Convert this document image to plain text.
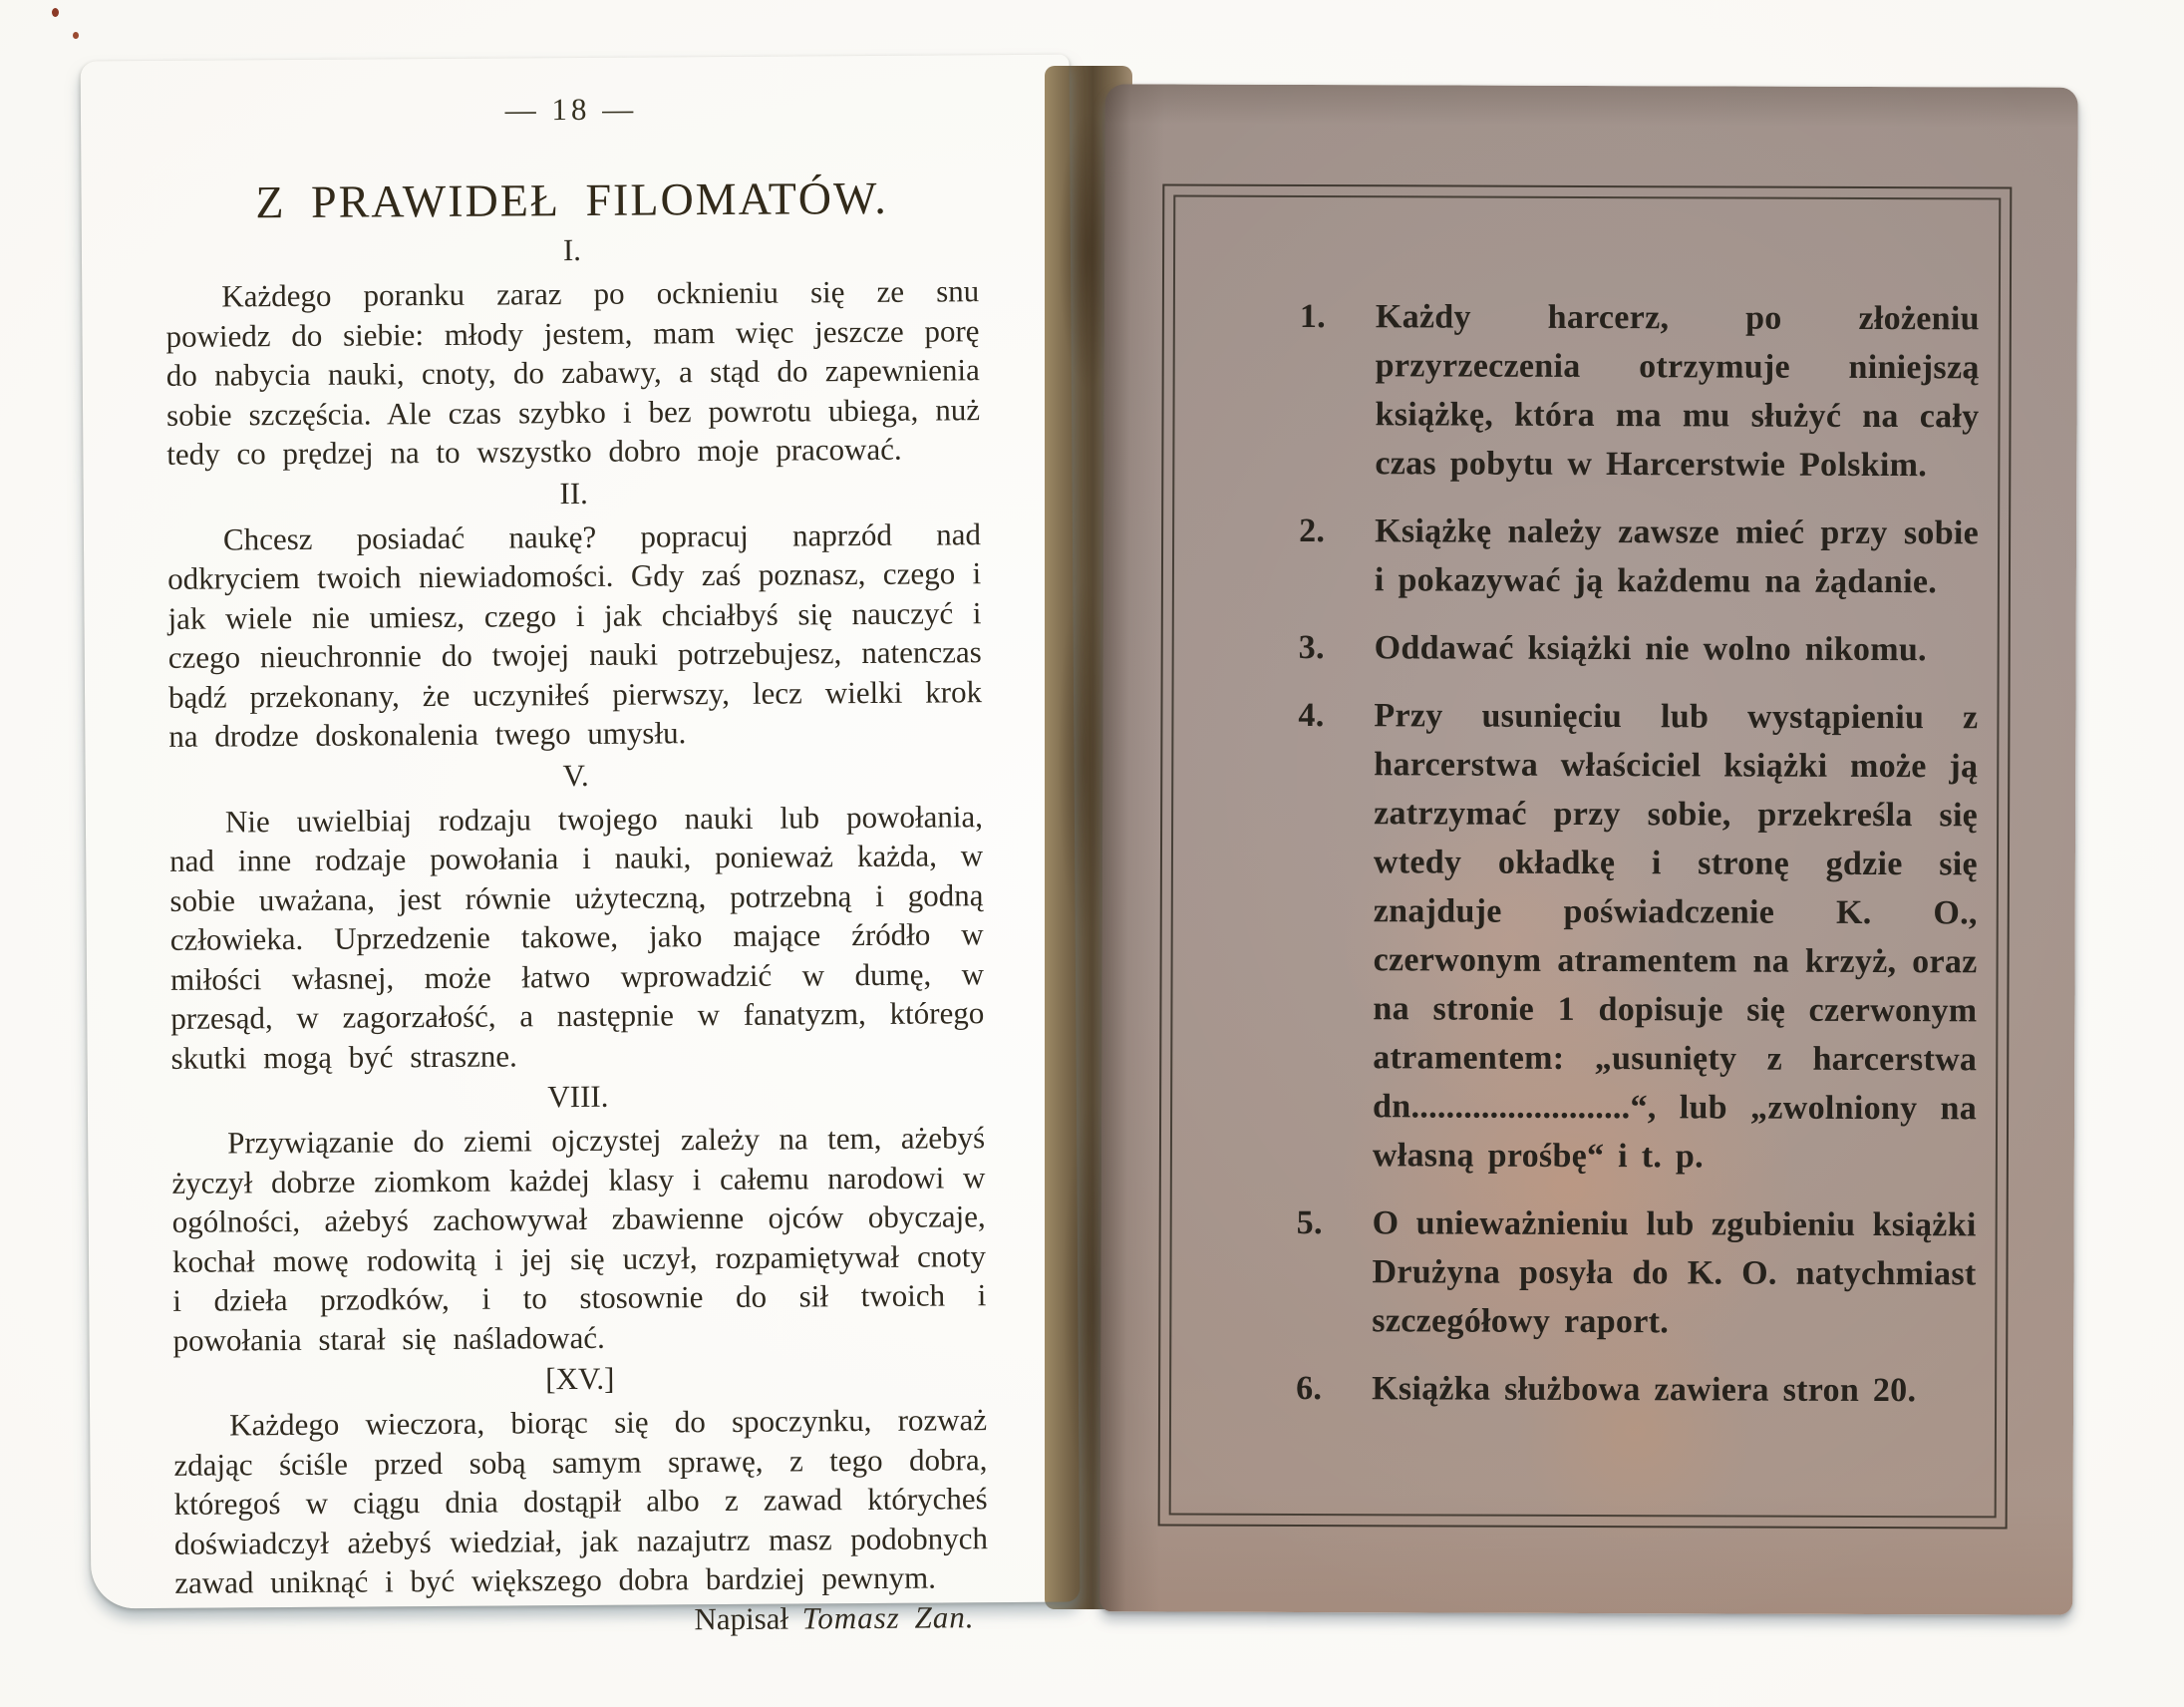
— 18 —
Z PRAWIDEŁ FILOMATÓW.
I.

Każdego poranku zaraz po ocknieniu się ze snu powiedz do siebie: młody jestem, mam więc jeszcze porę do nabycia nauki, cnoty, do zabawy, a stąd do zapewnienia sobie szczęścia. Ale czas szybko i bez powrotu ubiega, nuż tedy co prędzej na to wszystko dobro moje pracować.

II.

Chcesz posiadać naukę? popracuj naprzód nad odkryciem twoich niewiadomości. Gdy zaś poznasz, czego i jak wiele nie umiesz, czego i jak chciałbyś się nauczyć i czego nieuchronnie do twojej nauki potrzebujesz, natenczas bądź przekonany, że uczyniłeś pierwszy, lecz wielki krok na drodze doskonalenia twego umysłu.

V.

Nie uwielbiaj rodzaju twojego nauki lub powołania, nad inne rodzaje powołania i nauki, ponieważ każda, w sobie uważana, jest równie użyteczną, potrzebną i godną człowieka. Uprzedzenie takowe, jako mające źródło w miłości własnej, może łatwo wprowadzić w dumę, w przesąd, w zagorzałość, a następnie w fanatyzm, którego skutki mogą być straszne.

VIII.

Przywiązanie do ziemi ojczystej zależy na tem, ażebyś życzył dobrze ziomkom każdej klasy i całemu narodowi w ogólności, ażebyś zachowywał zbawienne ojców obyczaje, kochał mowę rodowitą i jej się uczył, rozpamiętywał cnoty i dzieła przodków, i to stosownie do sił twoich i powołania starał się naśladować.

[XV.]

Każdego wieczora, biorąc się do spoczynku, rozważ zdając ściśle przed sobą samym sprawę, z tego dobra, któregoś w ciągu dnia dostąpił albo z zawad którycheś doświadczył ażebyś wiedział, jak nazajutrz masz podobnych zawad uniknąć i być większego dobra bardziej pewnym.

Napisał Tomasz Zan.
1.	Każdy harcerz, po złożeniu przyrzeczenia otrzymuje niniejszą książkę, która ma mu służyć na cały czas pobytu w Harcerstwie Polskim.
2.	Książkę należy zawsze mieć przy sobie i pokazywać ją każdemu na żądanie.
3.	Oddawać książki nie wolno nikomu.
4.	Przy usunięciu lub wystąpieniu z harcerstwa właściciel książki może ją zatrzymać przy sobie, przekreśla się wtedy okładkę i stronę gdzie się znajduje poświadczenie K. O., czerwonym atramentem na krzyż, oraz na stronie 1 dopisuje się czerwonym atramentem: „usunięty z harcerstwa dn.........................“, lub „zwolniony na własną prośbę“ i t. p.
5.	O unieważnieniu lub zgubieniu książki Drużyna posyła do K. O. natychmiast szczegółowy raport.
6.	Książka służbowa zawiera stron 20.
